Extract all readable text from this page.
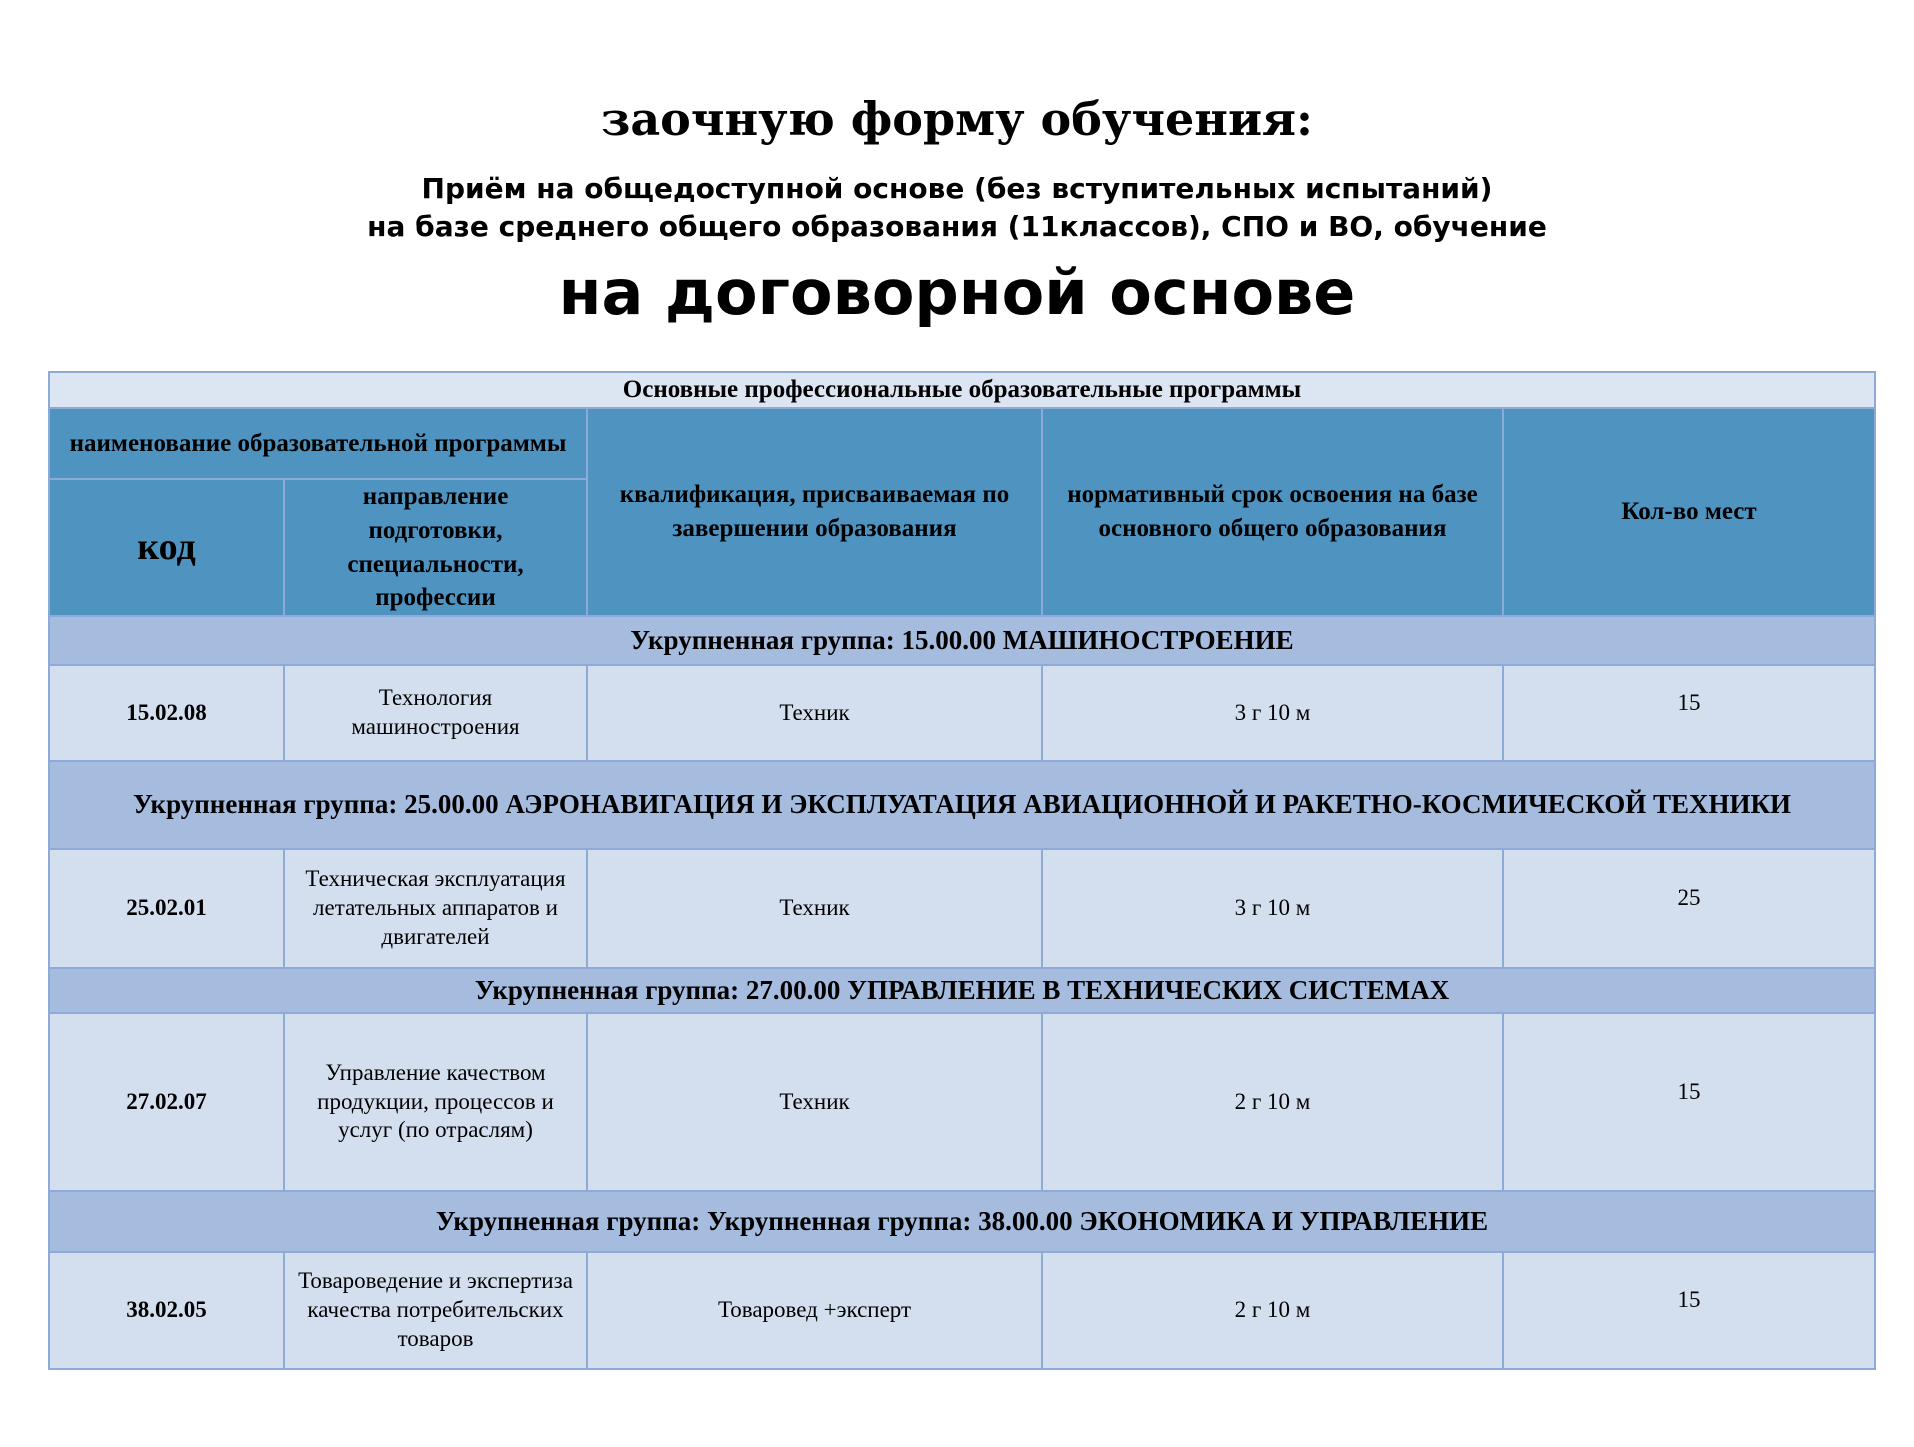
заочную форму обучения:
Приём на общедоступной основе (без вступительных испытаний)
на базе среднего общего образования (11классов), СПО и ВО, обучение
на договорной основе
Основные профессиональные образовательные программы				
наименование образовательной программы		квалификация, присваиваемая по завершении образования	нормативный срок освоения на базе основного общего образования	Кол-во мест
код	направление подготовки, специальности, профессии			
Укрупненная группа: 15.00.00 МАШИНОСТРОЕНИЕ				
15.02.08	Технология машиностроения	Техник	3 г 10 м	15
Укрупненная группа: 25.00.00 АЭРОНАВИГАЦИЯ И ЭКСПЛУАТАЦИЯ АВИАЦИОННОЙ И РАКЕТНО-КОСМИЧЕСКОЙ ТЕХНИКИ				
25.02.01	Техническая эксплуатация летательных аппаратов и двигателей	Техник	3 г 10 м	25
Укрупненная группа: 27.00.00 УПРАВЛЕНИЕ В ТЕХНИЧЕСКИХ СИСТЕМАХ				
27.02.07	Управление качеством продукции, процессов и услуг (по отраслям)	Техник	2 г 10 м	15
Укрупненная группа: Укрупненная группа: 38.00.00 ЭКОНОМИКА И УПРАВЛЕНИЕ				
38.02.05	Товароведение и экспертиза качества потребительских товаров	Товаровед +эксперт	2 г 10 м	15
